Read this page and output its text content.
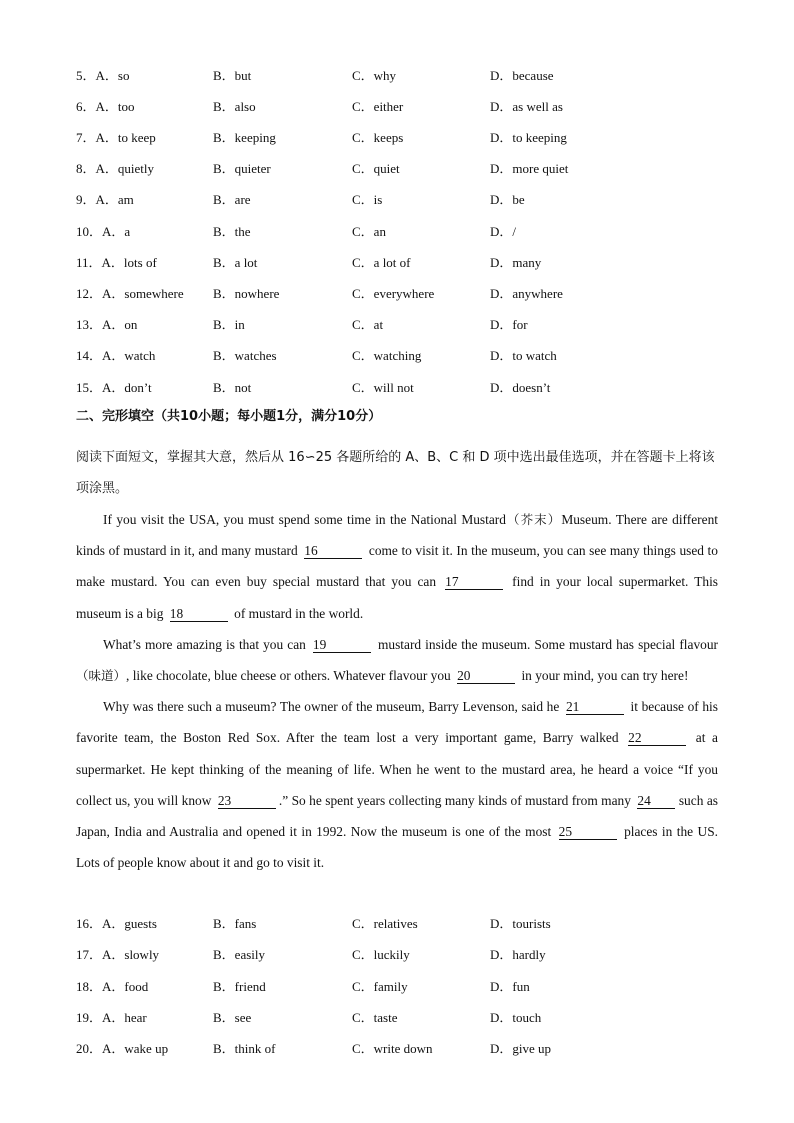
5．A．so	B．but	C．why	D．because
6．A．too	B．also	C．either	D．as well as
7．A．to keep	B．keeping	C．keeps	D．to keeping
8．A．quietly	B．quieter	C．quiet	D．more quiet
9．A．am	B．are	C．is	D．be
10．A．a	B．the	C．an	D．/
11．A．lots of	B．a lot	C．a lot of	D．many
12．A．somewhere B．nowhere	C．everywhere	D．anywhere
13．A．on	B．in	C．at	D．for
14．A．watch	B．watches	C．watching	D．to watch
15．A．don’t	B．not	C．will not	D．doesn’t
二、完形填空（共10小题；每小题1分，满分10分）
阅读下面短文，掌握其大意，然后从 16∽25 各题所给的 A、B、C 和 D 项中选出最佳选项，并在答题卡上将该项涂黑。

If you visit the USA, you must spend some time in the National Mustard（芥末）Museum. There are different kinds of mustard in it, and many mustard 16	come to visit it. In the museum, you can see many things used to make mustard. You can even buy special mustard that you can 17	find in your local supermarket. This museum is a big 18	of mustard in the world.

What’s more amazing is that you can 19	mustard inside the museum. Some mustard has special flavour（味道）, like chocolate, blue cheese or others. Whatever flavour you 20	in your mind, you can try here!

Why was there such a museum? The owner of the museum, Barry Levenson, said he 21	it because of his favorite team, the Boston Red Sox. After the team lost a very important game, Barry walked 22	at a supermarket. He kept thinking of the meaning of life. When he went to the mustard area, he heard a voice “If you collect us, you will know 23	.” So he spent years collecting many kinds of mustard from many 24 such as Japan, India and Australia and opened it in 1992. Now the museum is one of the most 25	places in the US. Lots of people know about it and go to visit it.

16．A．guests	B．fans	C．relatives	D．tourists
17．A．slowly	B．easily	C．luckily	D．hardly
18．A．food	B．friend	C．family	D．fun
19．A．hear	B．see	C．taste	D．touch
20．A．wake up	B．think of	C．write down	D．give up
